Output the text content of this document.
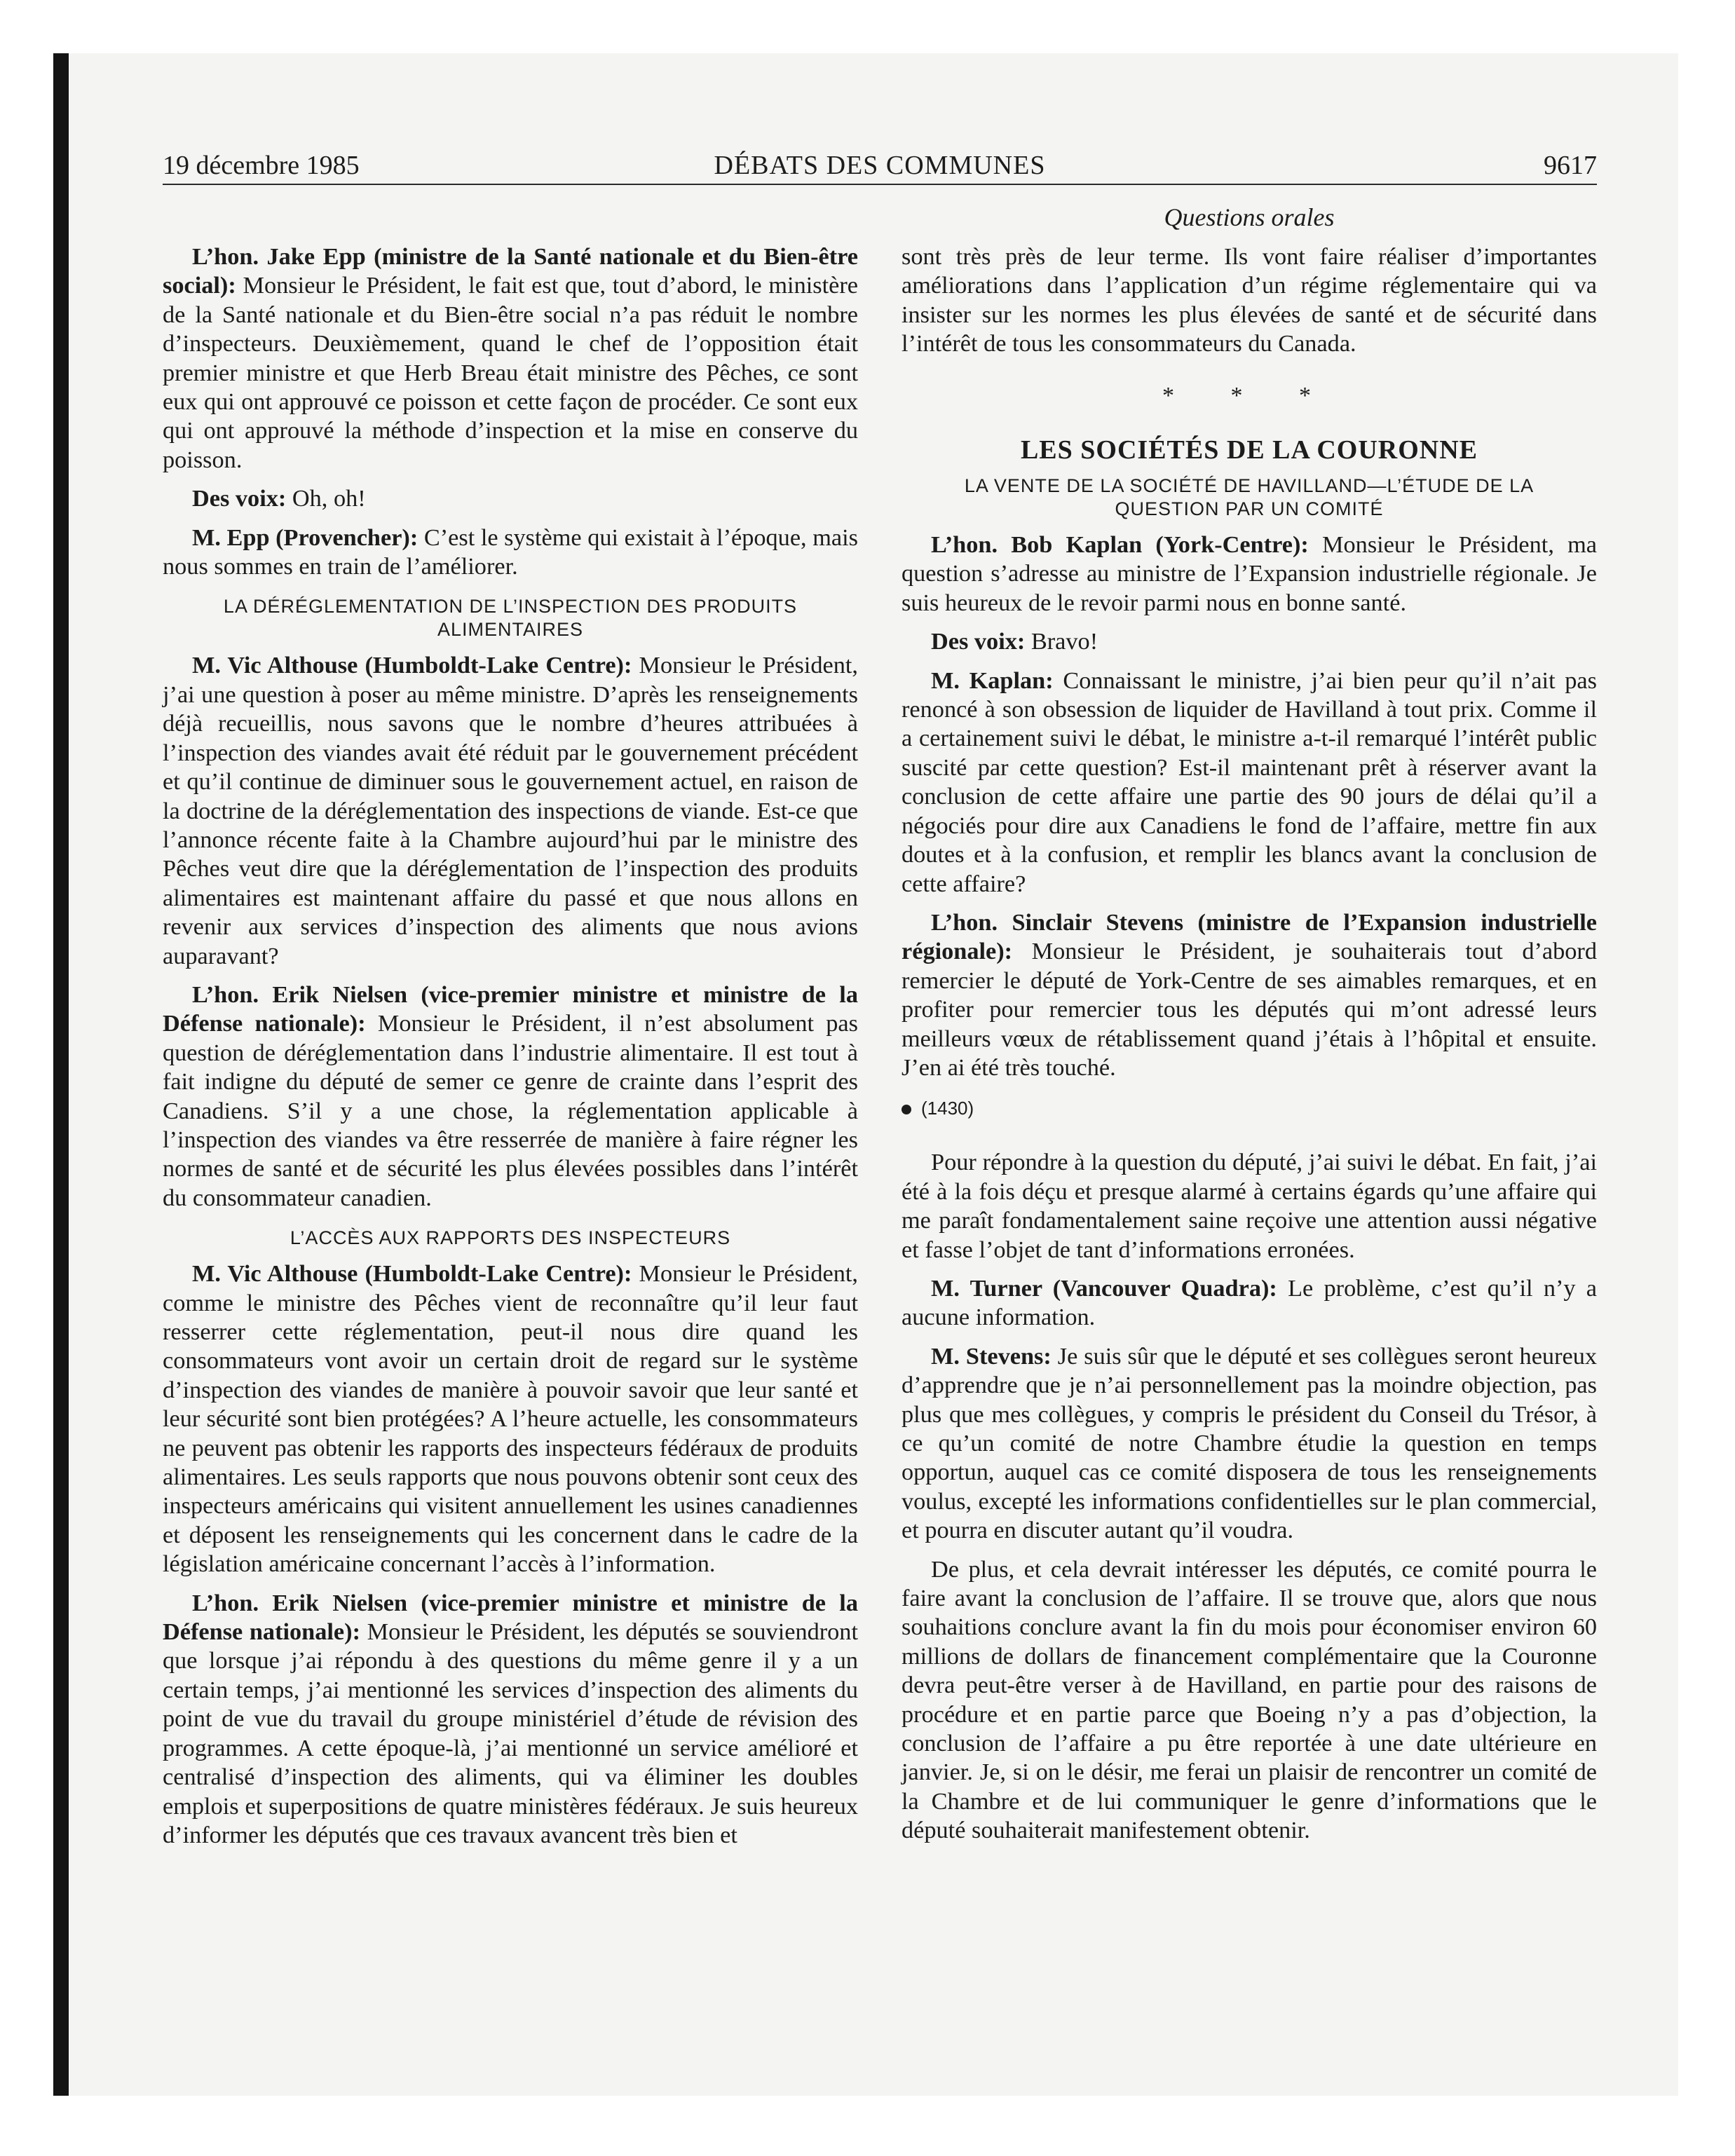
19 décembre 1985	DÉBATS DES COMMUNES	9617
Questions orales

L’hon. Jake Epp (ministre de la Santé nationale et du Bien-être social): Monsieur le Président, le fait est que, tout d’abord, le ministère de la Santé nationale et du Bien-être social n’a pas réduit le nombre d’inspecteurs. Deuxièmement, quand le chef de l’opposition était premier ministre et que Herb Breau était ministre des Pêches, ce sont eux qui ont approuvé ce poisson et cette façon de procéder. Ce sont eux qui ont approuvé la méthode d’inspection et la mise en conserve du poisson.

Des voix: Oh, oh!

M. Epp (Provencher): C’est le système qui existait à l’époque, mais nous sommes en train de l’améliorer.

LA DÉRÉGLEMENTATION DE L’INSPECTION DES PRODUITS ALIMENTAIRES

M. Vic Althouse (Humboldt-Lake Centre): Monsieur le Président, j’ai une question à poser au même ministre. D’après les renseignements déjà recueillis, nous savons que le nombre d’heures attribuées à l’inspection des viandes avait été réduit par le gouvernement précédent et qu’il continue de diminuer sous le gouvernement actuel, en raison de la doctrine de la déréglementation des inspections de viande. Est-ce que l’annonce récente faite à la Chambre aujourd’hui par le ministre des Pêches veut dire que la déréglementation de l’inspection des produits alimentaires est maintenant affaire du passé et que nous allons en revenir aux services d’inspection des aliments que nous avions auparavant?

L’hon. Erik Nielsen (vice-premier ministre et ministre de la Défense nationale): Monsieur le Président, il n’est absolument pas question de déréglementation dans l’industrie alimentaire. Il est tout à fait indigne du député de semer ce genre de crainte dans l’esprit des Canadiens. S’il y a une chose, la réglementation applicable à l’inspection des viandes va être resserrée de manière à faire régner les normes de santé et de sécurité les plus élevées possibles dans l’intérêt du consommateur canadien.

L’ACCÈS AUX RAPPORTS DES INSPECTEURS

M. Vic Althouse (Humboldt-Lake Centre): Monsieur le Président, comme le ministre des Pêches vient de reconnaître qu’il leur faut resserrer cette réglementation, peut-il nous dire quand les consommateurs vont avoir un certain droit de regard sur le système d’inspection des viandes de manière à pouvoir savoir que leur santé et leur sécurité sont bien protégées? A l’heure actuelle, les consommateurs ne peuvent pas obtenir les rapports des inspecteurs fédéraux de produits alimentaires. Les seuls rapports que nous pouvons obtenir sont ceux des inspecteurs américains qui visitent annuellement les usines canadiennes et déposent les renseignements qui les concernent dans le cadre de la législation américaine concernant l’accès à l’information.

L’hon. Erik Nielsen (vice-premier ministre et ministre de la Défense nationale): Monsieur le Président, les députés se souviendront que lorsque j’ai répondu à des questions du même genre il y a un certain temps, j’ai mentionné les services d’inspection des aliments du point de vue du travail du groupe ministériel d’étude de révision des programmes. A cette époque-là, j’ai mentionné un service amélioré et centralisé d’inspection des aliments, qui va éliminer les doubles emplois et superpositions de quatre ministères fédéraux. Je suis heureux d’informer les députés que ces travaux avancent très bien et

sont très près de leur terme. Ils vont faire réaliser d’importantes améliorations dans l’application d’un régime réglementaire qui va insister sur les normes les plus élevées de santé et de sécurité dans l’intérêt de tous les consommateurs du Canada.

* * *
LES SOCIÉTÉS DE LA COURONNE
LA VENTE DE LA SOCIÉTÉ DE HAVILLAND—L’ÉTUDE DE LA QUESTION PAR UN COMITÉ

L’hon. Bob Kaplan (York-Centre): Monsieur le Président, ma question s’adresse au ministre de l’Expansion industrielle régionale. Je suis heureux de le revoir parmi nous en bonne santé.

Des voix: Bravo!

M. Kaplan: Connaissant le ministre, j’ai bien peur qu’il n’ait pas renoncé à son obsession de liquider de Havilland à tout prix. Comme il a certainement suivi le débat, le ministre a-t-il remarqué l’intérêt public suscité par cette question? Est-il maintenant prêt à réserver avant la conclusion de cette affaire une partie des 90 jours de délai qu’il a négociés pour dire aux Canadiens le fond de l’affaire, mettre fin aux doutes et à la confusion, et remplir les blancs avant la conclusion de cette affaire?

L’hon. Sinclair Stevens (ministre de l’Expansion industrielle régionale): Monsieur le Président, je souhaiterais tout d’abord remercier le député de York-Centre de ses aimables remarques, et en profiter pour remercier tous les députés qui m’ont adressé leurs meilleurs vœux de rétablissement quand j’étais à l’hôpital et ensuite. J’en ai été très touché.

(1430)

Pour répondre à la question du député, j’ai suivi le débat. En fait, j’ai été à la fois déçu et presque alarmé à certains égards qu’une affaire qui me paraît fondamentalement saine reçoive une attention aussi négative et fasse l’objet de tant d’informations erronées.

M. Turner (Vancouver Quadra): Le problème, c’est qu’il n’y a aucune information.

M. Stevens: Je suis sûr que le député et ses collègues seront heureux d’apprendre que je n’ai personnellement pas la moindre objection, pas plus que mes collègues, y compris le président du Conseil du Trésor, à ce qu’un comité de notre Chambre étudie la question en temps opportun, auquel cas ce comité disposera de tous les renseignements voulus, excepté les informations confidentielles sur le plan commercial, et pourra en discuter autant qu’il voudra.

De plus, et cela devrait intéresser les députés, ce comité pourra le faire avant la conclusion de l’affaire. Il se trouve que, alors que nous souhaitions conclure avant la fin du mois pour économiser environ 60 millions de dollars de financement complémentaire que la Couronne devra peut-être verser à de Havilland, en partie pour des raisons de procédure et en partie parce que Boeing n’y a pas d’objection, la conclusion de l’affaire a pu être reportée à une date ultérieure en janvier. Je, si on le désir, me ferai un plaisir de rencontrer un comité de la Chambre et de lui communiquer le genre d’informations que le député souhaiterait manifestement obtenir.
